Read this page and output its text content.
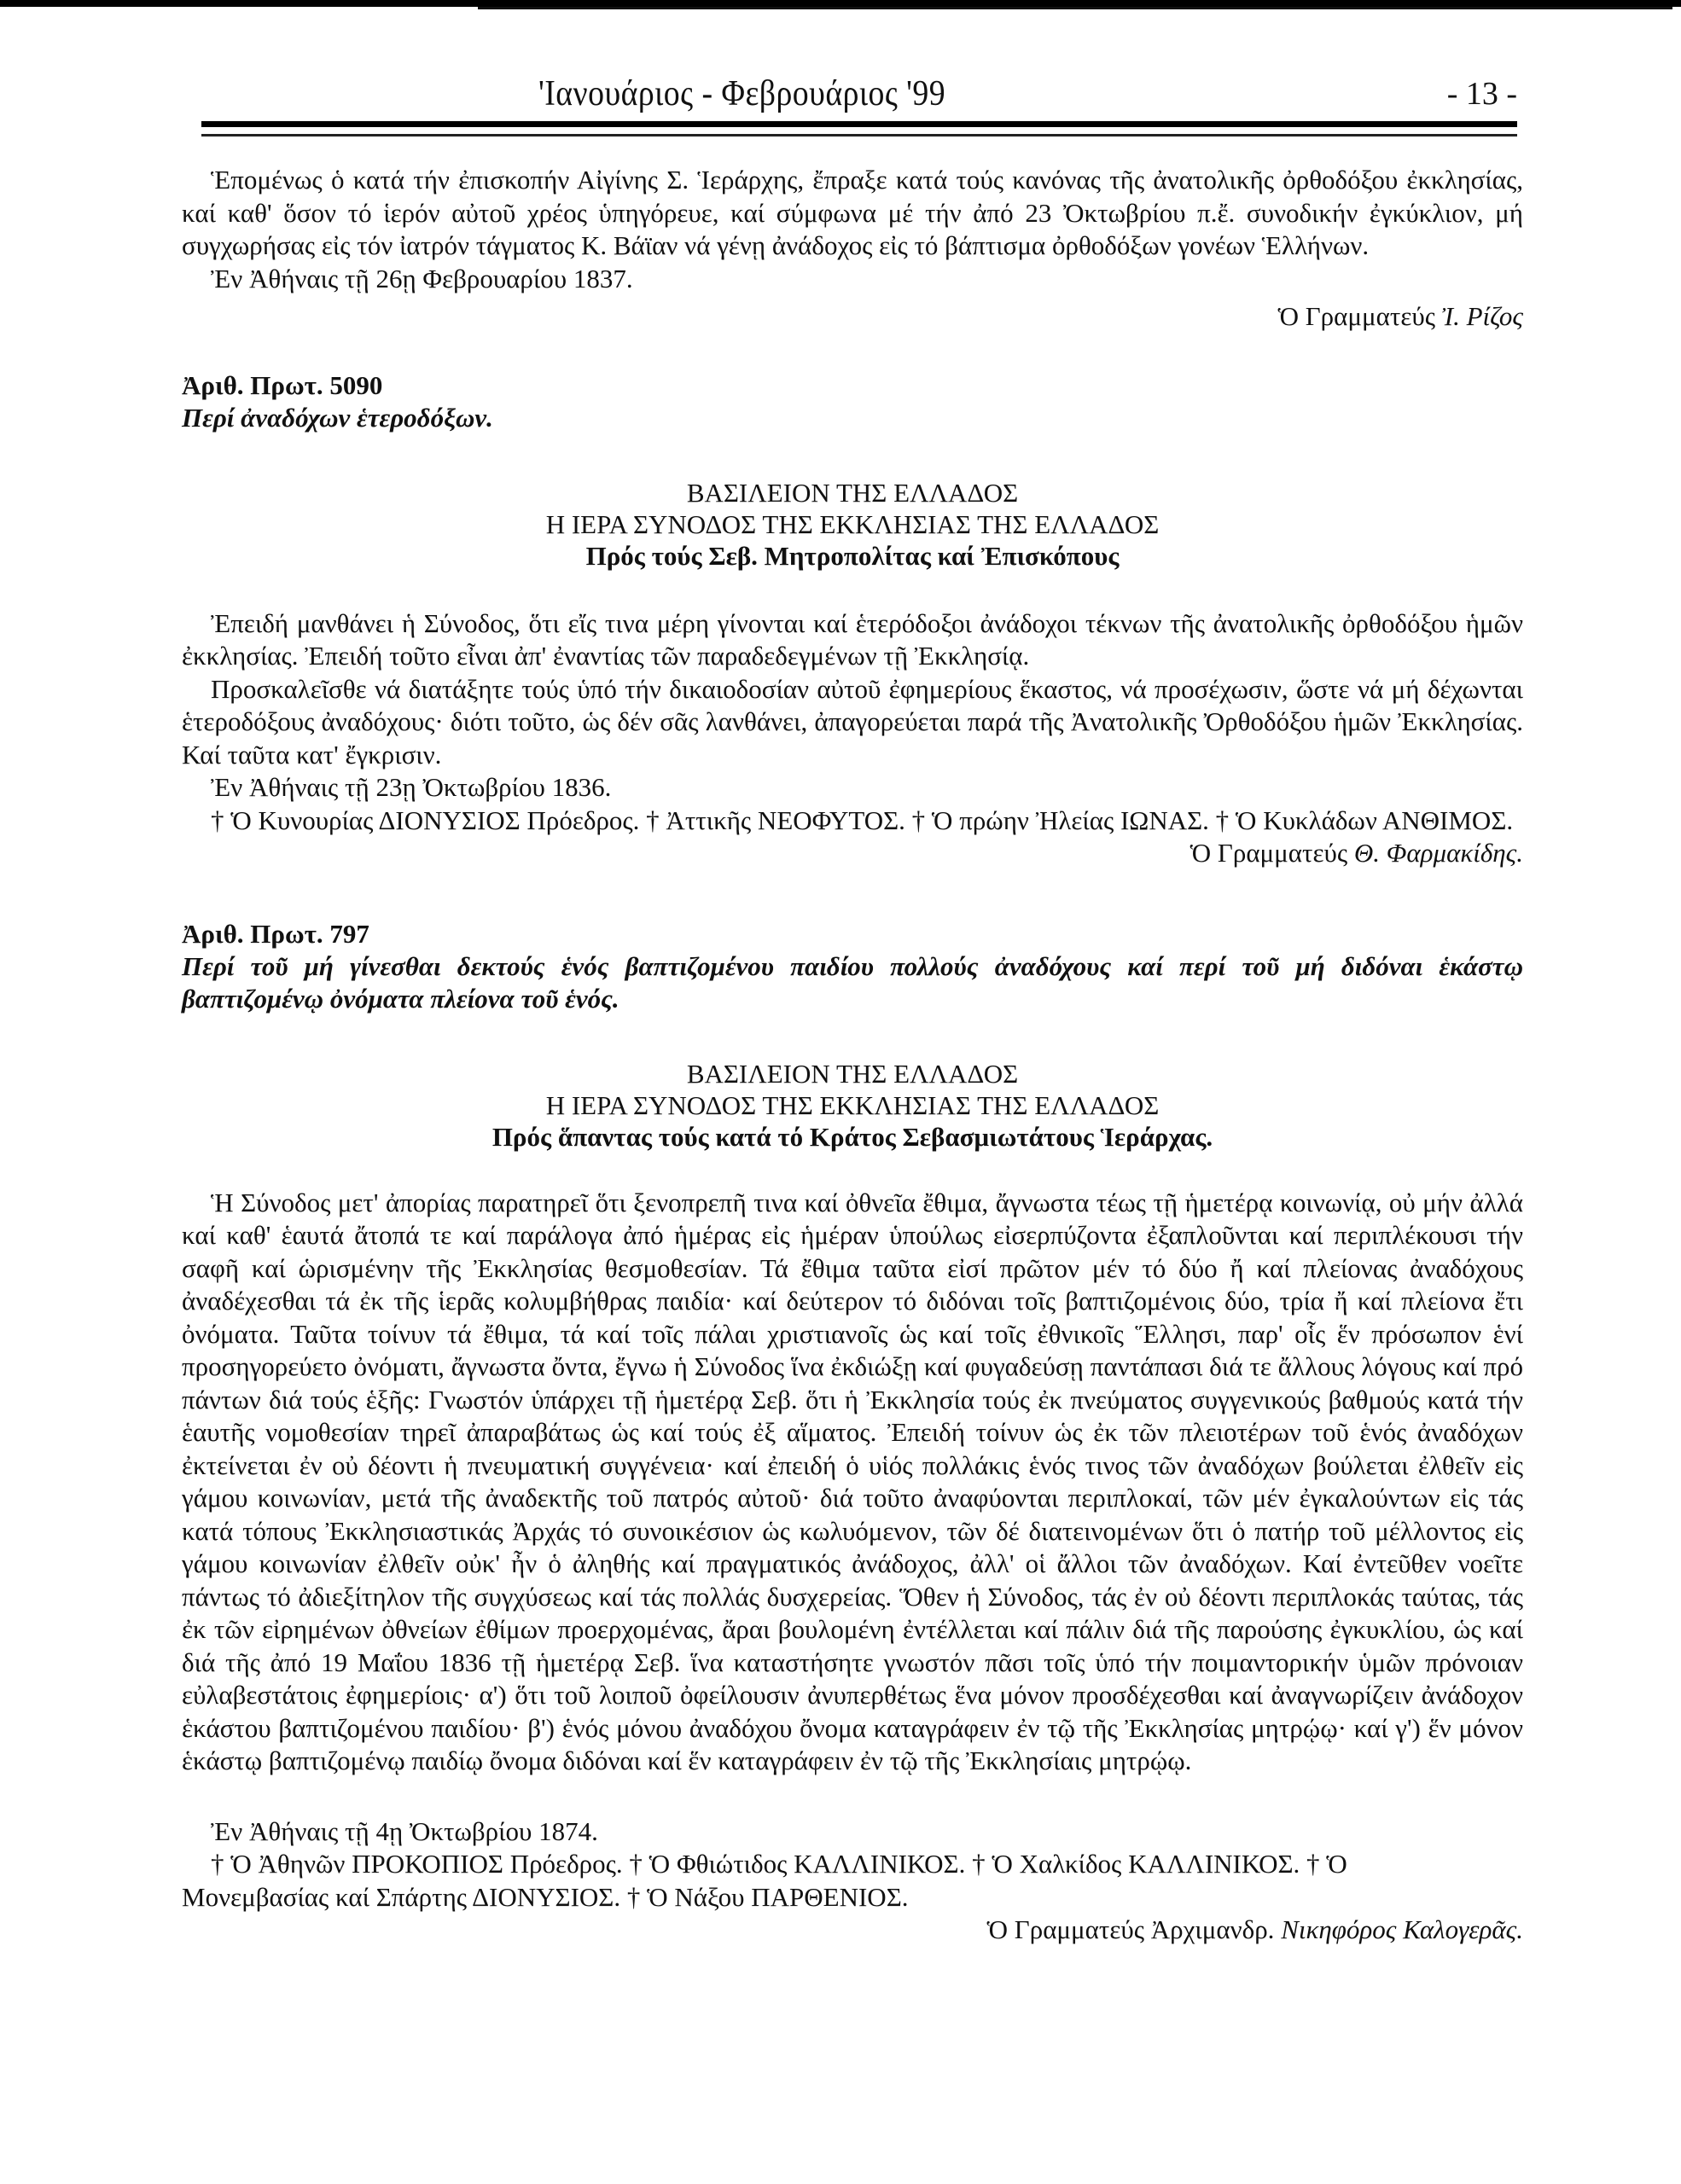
'Ιανουάριος - Φεβρουάριος '99	- 13 -

Ἑπομένως ὁ κατά τήν ἐπισκοπήν Αἰγίνης Σ. Ἱεράρχης, ἔπραξε κατά τούς κανόνας τῆς ἀνατολικῆς ὀρθοδόξου ἐκκλησίας, καί καθ' ὅσον τό ἱερόν αὐτοῦ χρέος ὑπηγόρευε, καί σύμφωνα μέ τήν ἀπό 23 Ὀκτωβρίου π.ἔ. συνοδικήν ἐγκύκλιον, μή συγχωρήσας εἰς τόν ἰατρόν τάγματος Κ. Βάϊαν νά γένῃ ἀνάδοχος εἰς τό βάπτισμα ὀρθοδόξων γονέων Ἑλλήνων.

Ἐν Ἀθήναις τῇ 26ῃ Φεβρουαρίου 1837.

Ὁ Γραμματεύς Ἰ. Ρίζος

Ἀριθ. Πρωτ. 5090

Περί ἀναδόχων ἑτεροδόξων.

ΒΑΣΙΛΕΙΟΝ ΤΗΣ ΕΛΛΑΔΟΣ

Η ΙΕΡΑ ΣΥΝΟΔΟΣ ΤΗΣ ΕΚΚΛΗΣΙΑΣ ΤΗΣ ΕΛΛΑΔΟΣ

Πρός τούς Σεβ. Μητροπολίτας καί Ἐπισκόπους

Ἐπειδή μανθάνει ἡ Σύνοδος, ὅτι εἴς τινα μέρη γίνονται καί ἑτερόδοξοι ἀνάδοχοι τέκνων τῆς ἀνατολικῆς ὀρθοδόξου ἡμῶν ἐκκλησίας. Ἐπειδή τοῦτο εἶναι ἀπ' ἐναντίας τῶν παραδεδεγμένων τῇ Ἐκκλησίᾳ.

Προσκαλεῖσθε νά διατάξητε τούς ὑπό τήν δικαιοδοσίαν αὐτοῦ ἐφημερίους ἕκαστος, νά προσέχωσιν, ὥστε νά μή δέχωνται ἑτεροδόξους ἀναδόχους· διότι τοῦτο, ὡς δέν σᾶς λανθάνει, ἀπαγορεύεται παρά τῆς Ἀνατολικῆς Ὀρθοδόξου ἡμῶν Ἐκκλησίας. Καί ταῦτα κατ' ἔγκρισιν.

Ἐν Ἀθήναις τῇ 23ῃ Ὀκτωβρίου 1836.

† Ὁ Κυνουρίας ΔΙΟΝΥΣΙΟΣ Πρόεδρος. † Ἀττικῆς ΝΕΟΦΥΤΟΣ. † Ὁ πρώην Ἠλείας ΙΩΝΑΣ. † Ὁ Κυκλάδων ΑΝΘΙΜΟΣ.

Ὁ Γραμματεύς Θ. Φαρμακίδης.

Ἀριθ. Πρωτ. 797

Περί τοῦ μή γίνεσθαι δεκτούς ἑνός βαπτιζομένου παιδίου πολλούς ἀναδόχους καί περί τοῦ μή διδόναι ἑκάστῳ βαπτιζομένῳ ὀνόματα πλείονα τοῦ ἑνός.

ΒΑΣΙΛΕΙΟΝ ΤΗΣ ΕΛΛΑΔΟΣ

Η ΙΕΡΑ ΣΥΝΟΔΟΣ ΤΗΣ ΕΚΚΛΗΣΙΑΣ ΤΗΣ ΕΛΛΑΔΟΣ

Πρός ἅπαντας τούς κατά τό Κράτος Σεβασμιωτάτους Ἱεράρχας.

Ἡ Σύνοδος μετ' ἀπορίας παρατηρεῖ ὅτι ξενοπρεπῆ τινα καί ὀθνεῖα ἔθιμα, ἄγνωστα τέως τῇ ἡμετέρᾳ κοινωνίᾳ, οὐ μήν ἀλλά καί καθ' ἑαυτά ἄτοπά τε καί παράλογα ἀπό ἡμέρας εἰς ἡμέραν ὑπούλως εἰσερπύζοντα ἐξαπλοῦνται καί περιπλέκουσι τήν σαφῆ καί ὡρισμένην τῆς Ἐκκλησίας θεσμοθεσίαν. Τά ἔθιμα ταῦτα εἰσί πρῶτον μέν τό δύο ἤ καί πλείονας ἀναδόχους ἀναδέχεσθαι τά ἐκ τῆς ἱερᾶς κολυμβήθρας παιδία· καί δεύτερον τό διδόναι τοῖς βαπτιζομένοις δύο, τρία ἤ καί πλείονα ἔτι ὀνόματα. Ταῦτα τοίνυν τά ἔθιμα, τά καί τοῖς πάλαι χριστιανοῖς ὡς καί τοῖς ἐθνικοῖς Ἕλλησι, παρ' οἷς ἕν πρόσωπον ἑνί προσηγορεύετο ὀνόματι, ἄγνωστα ὄντα, ἔγνω ἡ Σύνοδος ἵνα ἐκδιώξῃ καί φυγαδεύσῃ παντάπασι διά τε ἄλλους λόγους καί πρό πάντων διά τούς ἑξῆς: Γνωστόν ὑπάρχει τῇ ἡμετέρᾳ Σεβ. ὅτι ἡ Ἐκκλησία τούς ἐκ πνεύματος συγγενικούς βαθμούς κατά τήν ἑαυτῆς νομοθεσίαν τηρεῖ ἀπαραβάτως ὡς καί τούς ἐξ αἵματος. Ἐπειδή τοίνυν ὡς ἐκ τῶν πλειοτέρων τοῦ ἑνός ἀναδόχων ἐκτείνεται ἐν οὐ δέοντι ἡ πνευματική συγγένεια· καί ἐπειδή ὁ υἱός πολλάκις ἑνός τινος τῶν ἀναδόχων βούλεται ἐλθεῖν εἰς γάμου κοινωνίαν, μετά τῆς ἀναδεκτῆς τοῦ πατρός αὐτοῦ· διά τοῦτο ἀναφύονται περιπλοκαί, τῶν μέν ἐγκαλούντων εἰς τάς κατά τόπους Ἐκκλησιαστικάς Ἀρχάς τό συνοικέσιον ὡς κωλυόμενον, τῶν δέ διατεινομένων ὅτι ὁ πατήρ τοῦ μέλλοντος εἰς γάμου κοινωνίαν ἐλθεῖν οὐκ' ἦν ὁ ἀληθής καί πραγματικός ἀνάδοχος, ἀλλ' οἱ ἄλλοι τῶν ἀναδόχων. Καί ἐντεῦθεν νοεῖτε πάντως τό ἀδιεξίτηλον τῆς συγχύσεως καί τάς πολλάς δυσχερείας. Ὅθεν ἡ Σύνοδος, τάς ἐν οὐ δέοντι περιπλοκάς ταύτας, τάς ἐκ τῶν εἰρημένων ὀθνείων ἐθίμων προερχομένας, ἄραι βουλομένη ἐντέλλεται καί πάλιν διά τῆς παρούσης ἐγκυκλίου, ὡς καί διά τῆς ἀπό 19 Μαΐου 1836 τῇ ἡμετέρᾳ Σεβ. ἵνα καταστήσητε γνωστόν πᾶσι τοῖς ὑπό τήν ποιμαντορικήν ὑμῶν πρόνοιαν εὐλαβεστάτοις ἐφημερίοις· α') ὅτι τοῦ λοιποῦ ὀφείλουσιν ἀνυπερθέτως ἕνα μόνον προσδέχεσθαι καί ἀναγνωρίζειν ἀνάδοχον ἑκάστου βαπτιζομένου παιδίου· β') ἑνός μόνου ἀναδόχου ὄνομα καταγράφειν ἐν τῷ τῆς Ἐκκλησίας μητρῴῳ· καί γ') ἕν μόνον ἑκάστῳ βαπτιζομένῳ παιδίῳ ὄνομα διδόναι καί ἕν καταγράφειν ἐν τῷ τῆς Ἐκκλησίαις μητρῴῳ.

Ἐν Ἀθήναις τῇ 4ῃ Ὀκτωβρίου 1874.

† Ὁ Ἀθηνῶν ΠΡΟΚΟΠΙΟΣ Πρόεδρος. † Ὁ Φθιώτιδος ΚΑΛΛΙΝΙΚΟΣ. † Ὁ Χαλκίδος ΚΑΛΛΙΝΙΚΟΣ. † Ὁ

Μονεμβασίας καί Σπάρτης ΔΙΟΝΥΣΙΟΣ. † Ὁ Νάξου ΠΑΡΘΕΝΙΟΣ.

Ὁ Γραμματεύς Ἀρχιμανδρ. Νικηφόρος Καλογερᾶς.
